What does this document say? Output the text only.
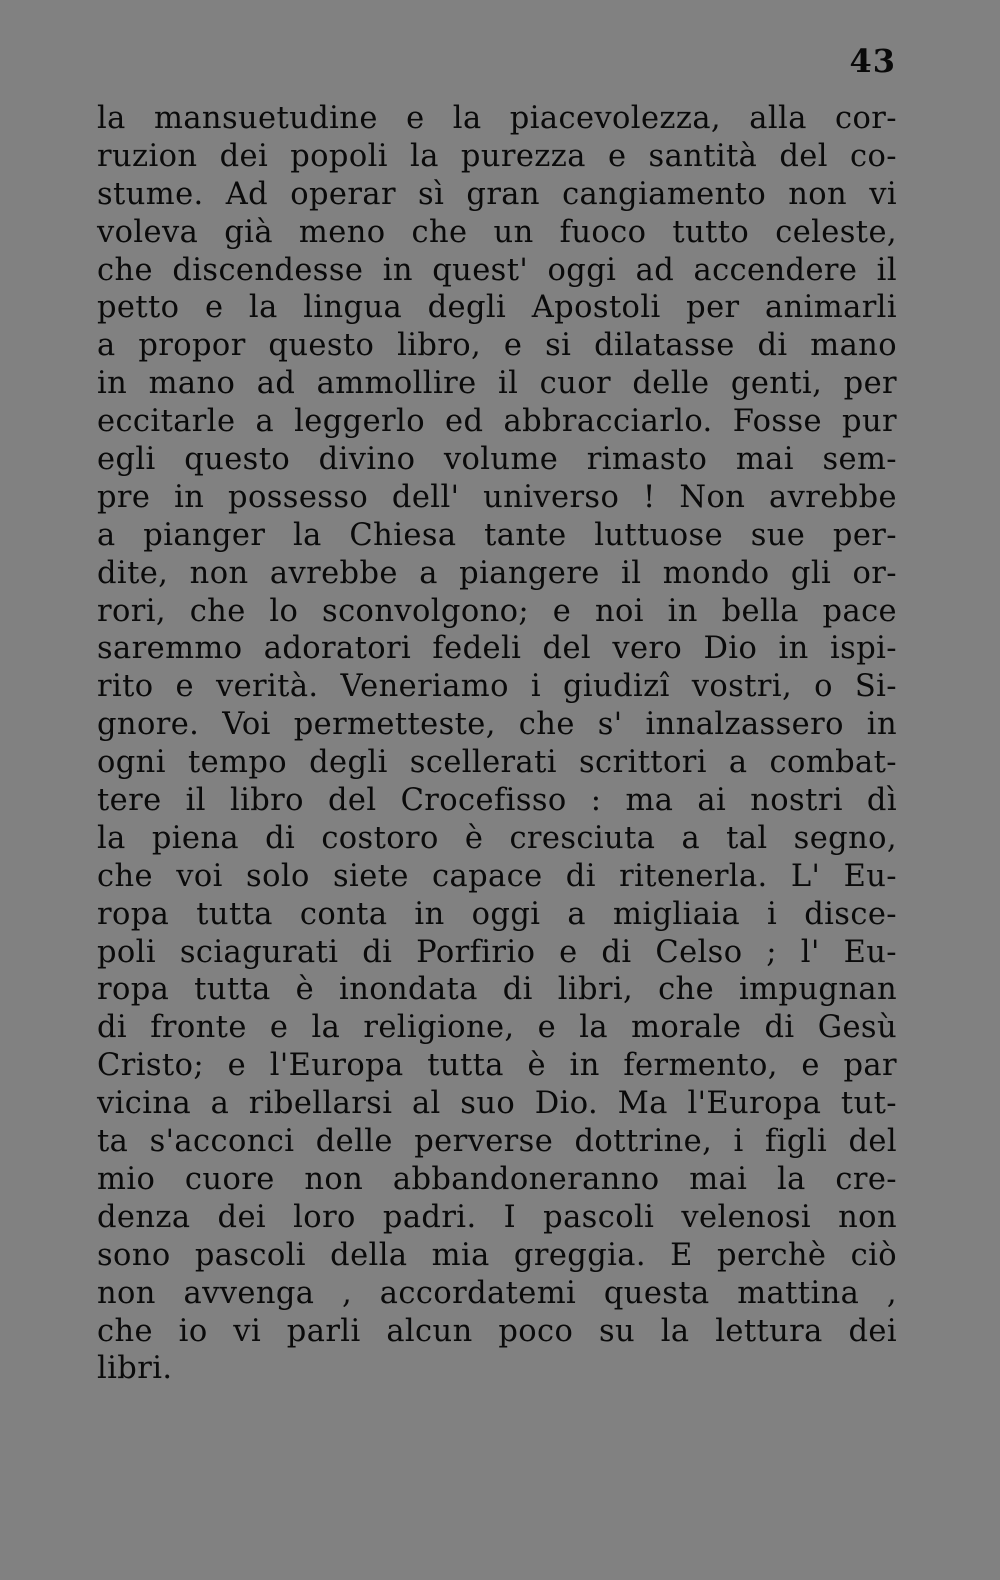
43
la mansuetudine e la piacevolezza, alla cor-
ruzion dei popoli la purezza e santità del co-
stume. Ad operar sì gran cangiamento non vi
voleva già meno che un fuoco tutto celeste,
che discendesse in quest' oggi ad accendere il
petto e la lingua degli Apostoli per animarli
a propor questo libro, e si dilatasse di mano
in mano ad ammollire il cuor delle genti, per
eccitarle a leggerlo ed abbracciarlo. Fosse pur
egli questo divino volume rimasto mai sem-
pre in possesso dell' universo ! Non avrebbe
a pianger la Chiesa tante luttuose sue per-
dite, non avrebbe a piangere il mondo gli or-
rori, che lo sconvolgono; e noi in bella pace
saremmo adoratori fedeli del vero Dio in ispi-
rito e verità. Veneriamo i giudizî vostri, o Si-
gnore. Voi permetteste, che s' innalzassero in
ogni tempo degli scellerati scrittori a combat-
tere il libro del Crocefisso : ma ai nostri dì
la piena di costoro è cresciuta a tal segno,
che voi solo siete capace di ritenerla. L' Eu-
ropa tutta conta in oggi a migliaia i disce-
poli sciagurati di Porfirio e di Celso ; l' Eu-
ropa tutta è inondata di libri, che impugnan
di fronte e la religione, e la morale di Gesù
Cristo; e l'Europa tutta è in fermento, e par
vicina a ribellarsi al suo Dio. Ma l'Europa tut-
ta s'acconci delle perverse dottrine, i figli del
mio cuore non abbandoneranno mai la cre-
denza dei loro padri. I pascoli velenosi non
sono pascoli della mia greggia. E perchè ciò
non avvenga , accordatemi questa mattina ,
che io vi parli alcun poco su la lettura dei
libri.
